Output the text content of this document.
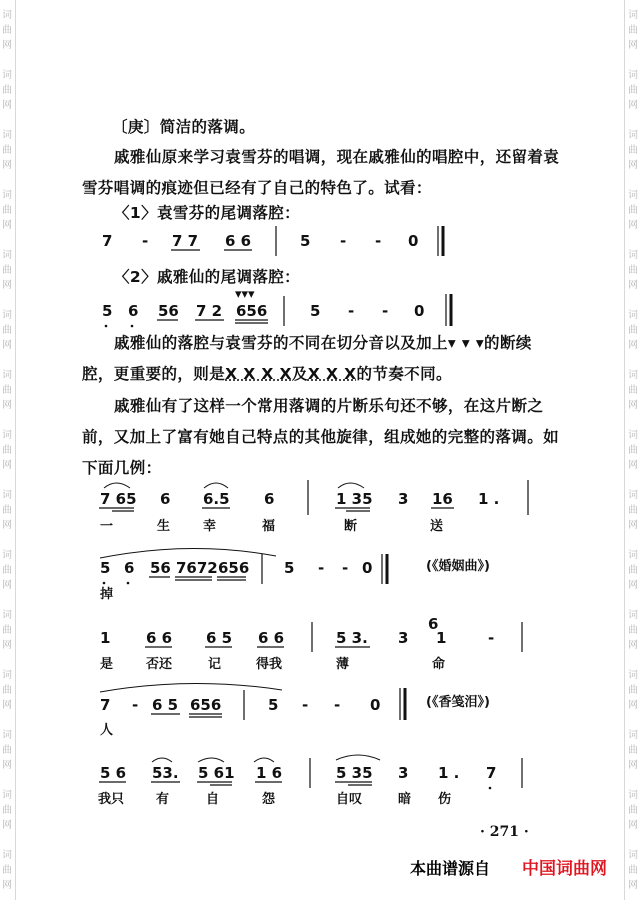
词
曲
网
词
曲
网
词
曲
网
词
曲
网
词
曲
网
词
曲
网
词
曲
网
词
曲
网
词
曲
网
词
曲
网
词
曲
网
词
曲
网
词
曲
网
词
曲
网
词
曲
网
词
曲
网
词
曲
网
词
曲
网
词
曲
网
词
曲
网
词
曲
网
词
曲
网
词
曲
网
词
曲
网
词
曲
网
词
曲
网
词
曲
网
词
曲
网
词
曲
网
词
曲
网
〔庚〕简洁的落调。
戚雅仙原来学习袁雪芬的唱调，现在戚雅仙的唱腔中，还留着袁雪芬唱调的痕迹但已经有了自己的特色了。试看：
〈1〉袁雪芬的尾调落腔：
〈2〉戚雅仙的尾调落腔：
戚雅仙的落腔与袁雪芬的不同在切分音以及加上▾ ▾ ▾的断续腔，更重要的，则是X X X X及X X X的节奏不同。
戚雅仙有了这样一个常用落调的片断乐句还不够，在这片断之前，又加上了富有她自己特点的其他旋律，组成她的完整的落调。如下面几例：
7 - 7 7 6 6	5 - - 0
5 6 56 7 2 656
▾▾▾
5 - - 0
7 65 6 6.5 6	1 35 3 16 1 .
一	生	幸	福	断	送
5 6 56 7672 656 5 - - 0	(《婚姻曲》)
掉
1 6 6 6 5 6 6	5 3. 3
6
1	-
是	否还	记	得我	薄	命
7 - 6 5 656	5 - - 0	(《香笺泪》)
人
5 6 53. 5 61 1 6	5 35 3 1 . 7
我只 有	自	怨	自叹	暗 伤
· 271 ·
本曲谱源自 中国词曲网
